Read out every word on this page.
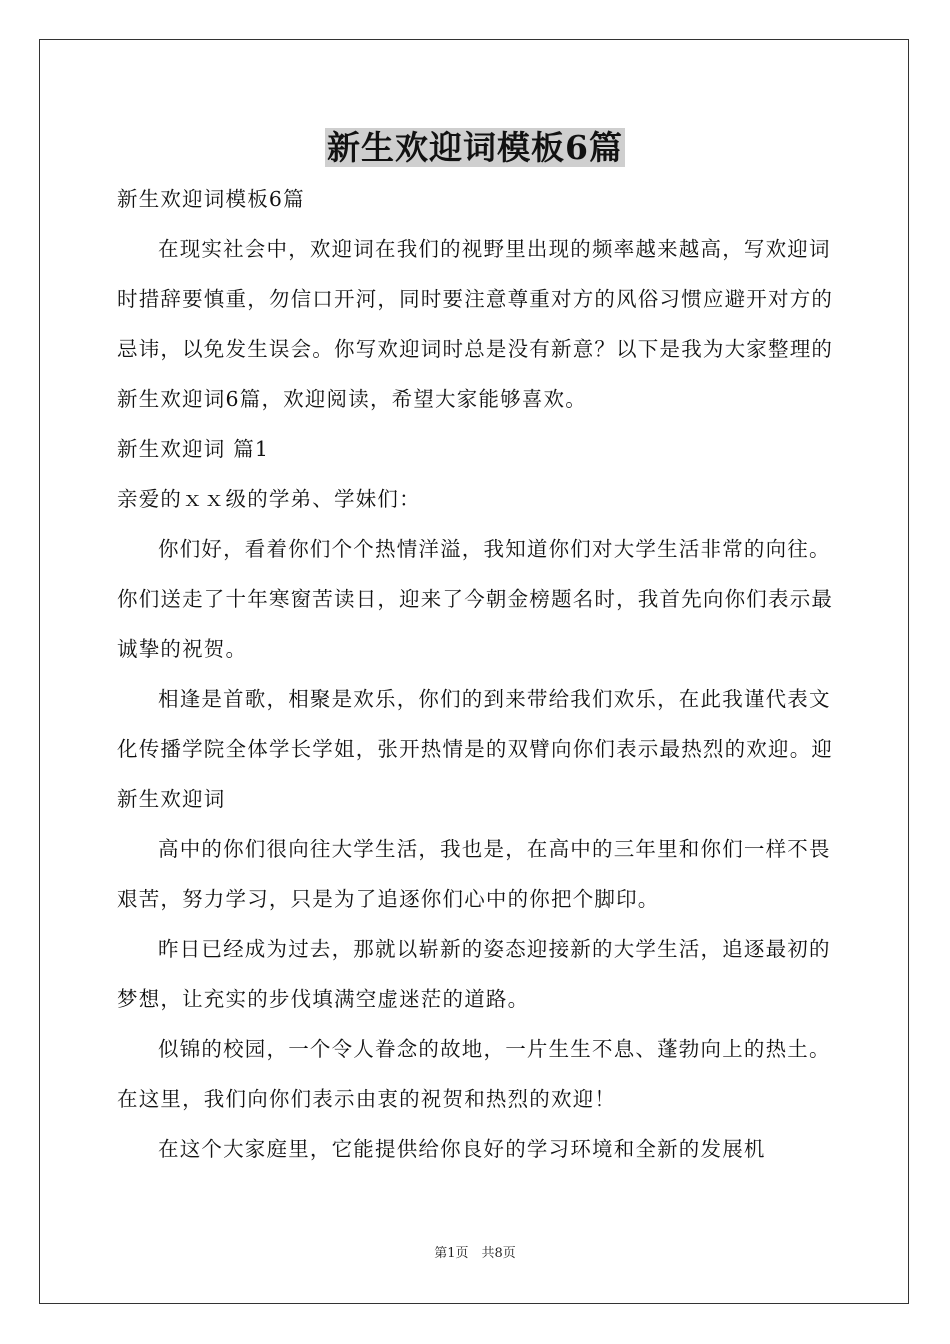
新生欢迎词模板6篇

新生欢迎词模板6篇

在现实社会中，欢迎词在我们的视野里出现的频率越来越高，写欢迎词时措辞要慎重，勿信口开河，同时要注意尊重对方的风俗习惯应避开对方的忌讳，以免发生误会。你写欢迎词时总是没有新意？以下是我为大家整理的新生欢迎词6篇，欢迎阅读，希望大家能够喜欢。

新生欢迎词 篇1

亲爱的ｘｘ级的学弟、学妹们：

你们好，看着你们个个热情洋溢，我知道你们对大学生活非常的向往。你们送走了十年寒窗苦读日，迎来了今朝金榜题名时，我首先向你们表示最诚挚的祝贺。

相逢是首歌，相聚是欢乐，你们的到来带给我们欢乐，在此我谨代表文化传播学院全体学长学姐，张开热情是的双臂向你们表示最热烈的欢迎。迎新生欢迎词

高中的你们很向往大学生活，我也是，在高中的三年里和你们一样不畏艰苦，努力学习，只是为了追逐你们心中的你把个脚印。

昨日已经成为过去，那就以崭新的姿态迎接新的大学生活，追逐最初的梦想，让充实的步伐填满空虚迷茫的道路。

似锦的校园，一个令人眷念的故地，一片生生不息、蓬勃向上的热土。在这里，我们向你们表示由衷的祝贺和热烈的欢迎！

在这个大家庭里，它能提供给你良好的学习环境和全新的发展机

第1页　共8页
